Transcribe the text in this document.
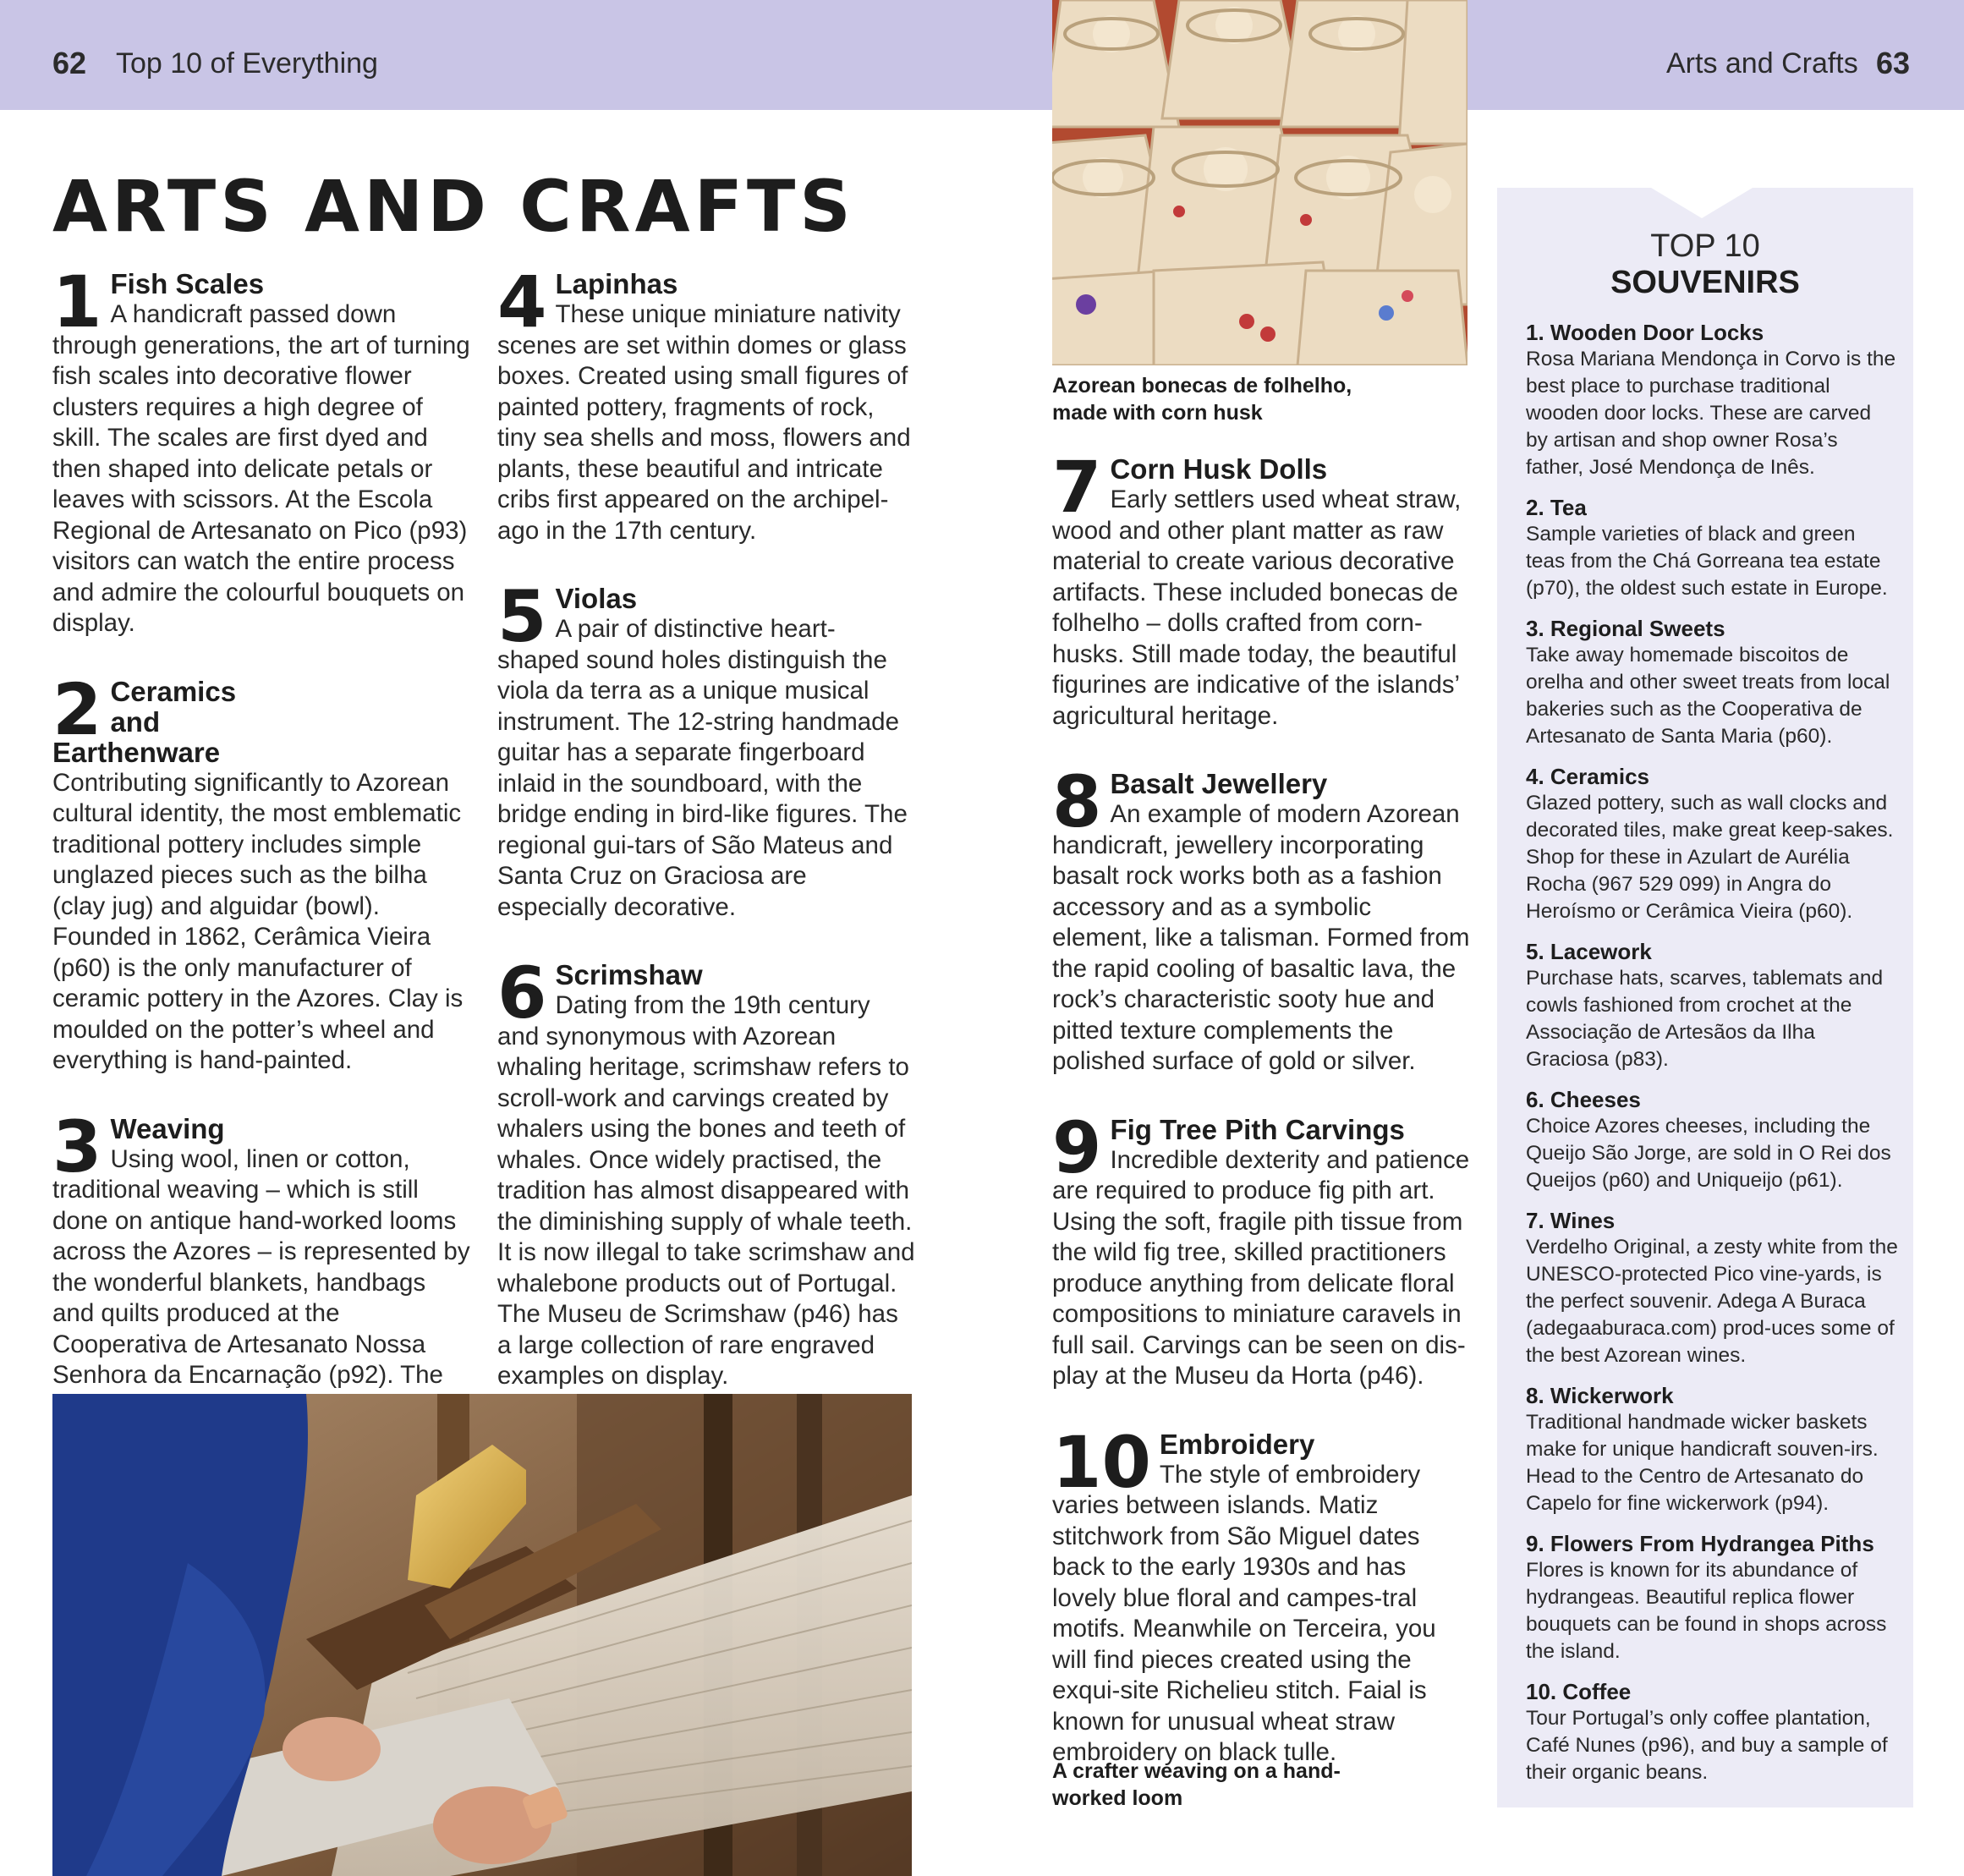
62 Top 10 of Everything	Arts and Crafts 63
ARTS AND CRAFTS
1 Fish Scales
A handicraft passed down through generations, the art of turning fish scales into decorative flower clusters requires a high degree of skill. The scales are first dyed and then shaped into delicate petals or leaves with scissors. At the Escola Regional de Artesanato on Pico (p93) visitors can watch the entire process and admire the colourful bouquets on display.
2 Ceramics and Earthenware
Contributing significantly to Azorean cultural identity, the most emblematic traditional pottery includes simple unglazed pieces such as the bilha (clay jug) and alguidar (bowl). Founded in 1862, Cerâmica Vieira (p60) is the only manufacturer of ceramic pottery in the Azores. Clay is moulded on the potter’s wheel and everything is hand-painted.
3 Weaving
Using wool, linen or cotton, traditional weaving – which is still done on antique hand-worked looms across the Azores – is represented by the wonderful blankets, handbags and quilts produced at the Cooperativa de Artesanato Nossa Senhora da Encarnação (p92). The
4 Lapinhas
These unique miniature nativity scenes are set within domes or glass boxes. Created using small figures of painted pottery, fragments of rock, tiny sea shells and moss, flowers and plants, these beautiful and intricate cribs first appeared on the archipel-ago in the 17th century.
5 Violas
A pair of distinctive heart-shaped sound holes distinguish the viola da terra as a unique musical instrument. The 12-string handmade guitar has a separate fingerboard inlaid in the soundboard, with the bridge ending in bird-like figures. The regional gui-tars of São Mateus and Santa Cruz on Graciosa are especially decorative.
6 Scrimshaw
Dating from the 19th century and synonymous with Azorean whaling heritage, scrimshaw refers to scroll-work and carvings created by whalers using the bones and teeth of whales. Once widely practised, the tradition has almost disappeared with the diminishing supply of whale teeth. It is now illegal to take scrimshaw and whalebone products out of Portugal. The Museu de Scrimshaw (p46) has a large collection of rare engraved examples on display.
Azorean bonecas de folhelho, made with corn husk
7 Corn Husk Dolls
Early settlers used wheat straw, wood and other plant matter as raw material to create various decorative artifacts. These included bonecas de folhelho – dolls crafted from corn-husks. Still made today, the beautiful figurines are indicative of the islands’ agricultural heritage.
8 Basalt Jewellery
An example of modern Azorean handicraft, jewellery incorporating basalt rock works both as a fashion accessory and as a symbolic element, like a talisman. Formed from the rapid cooling of basaltic lava, the rock’s characteristic sooty hue and pitted texture complements the polished surface of gold or silver.
9 Fig Tree Pith Carvings
Incredible dexterity and patience are required to produce fig pith art. Using the soft, fragile pith tissue from the wild fig tree, skilled practitioners produce anything from delicate floral compositions to miniature caravels in full sail. Carvings can be seen on dis-play at the Museu da Horta (p46).
10 Embroidery
The style of embroidery varies between islands. Matiz stitchwork from São Miguel dates back to the early 1930s and has lovely blue floral and campes-tral motifs. Meanwhile on Terceira, you will find pieces created using the exqui-site Richelieu stitch. Faial is known for unusual wheat straw embroidery on black tulle.
A crafter weaving on a hand-worked loom
TOP 10
SOUVENIRS
1. Wooden Door Locks
Rosa Mariana Mendonça in Corvo is the best place to purchase traditional wooden door locks. These are carved by artisan and shop owner Rosa’s father, José Mendonça de Inês.
2. Tea
Sample varieties of black and green teas from the Chá Gorreana tea estate (p70), the oldest such estate in Europe.
3. Regional Sweets
Take away homemade biscoitos de orelha and other sweet treats from local bakeries such as the Cooperativa de Artesanato de Santa Maria (p60).
4. Ceramics
Glazed pottery, such as wall clocks and decorated tiles, make great keep-sakes. Shop for these in Azulart de Aurélia Rocha (967 529 099) in Angra do Heroísmo or Cerâmica Vieira (p60).
5. Lacework
Purchase hats, scarves, tablemats and cowls fashioned from crochet at the Associação de Artesãos da Ilha Graciosa (p83).
6. Cheeses
Choice Azores cheeses, including the Queijo São Jorge, are sold in O Rei dos Queijos (p60) and Uniqueijo (p61).
7. Wines
Verdelho Original, a zesty white from the UNESCO-protected Pico vine-yards, is the perfect souvenir. Adega A Buraca (adegaaburaca.com) prod-uces some of the best Azorean wines.
8. Wickerwork
Traditional handmade wicker baskets make for unique handicraft souven-irs. Head to the Centro de Artesanato do Capelo for fine wickerwork (p94).
9. Flowers From Hydrangea Piths
Flores is known for its abundance of hydrangeas. Beautiful replica flower bouquets can be found in shops across the island.
10. Coffee
Tour Portugal’s only coffee plantation, Café Nunes (p96), and buy a sample of their organic beans.
